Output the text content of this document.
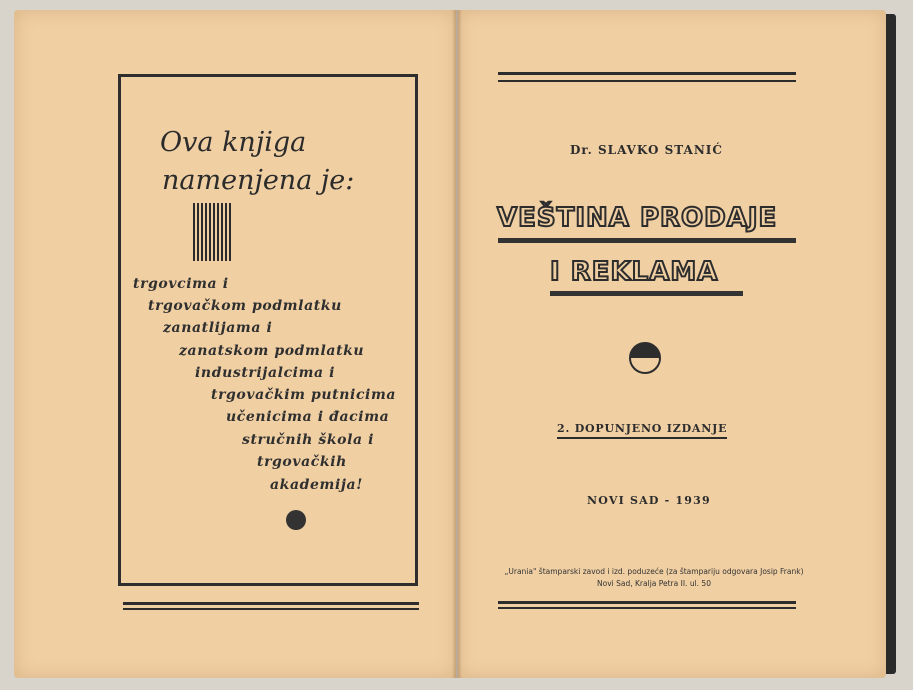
Ova knjiga
namenjena je:
trgovcima i
trgovačkom podmlatku
zanatlijama i
zanatskom podmlatku
industrijalcima i
trgovačkim putnicima
učenicima i đacima
stručnih škola i
trgovačkih
akademija!
Dr. SLAVKO STANIĆ
VEŠTINA PRODAJE
I REKLAMA
2. DOPUNJENO IZDANJE
NOVI SAD - 1939
„Urania" štamparski zavod i izd. poduzeće (za štampariju odgovara Josip Frank)
Novi Sad, Kralja Petra II. ul. 50
